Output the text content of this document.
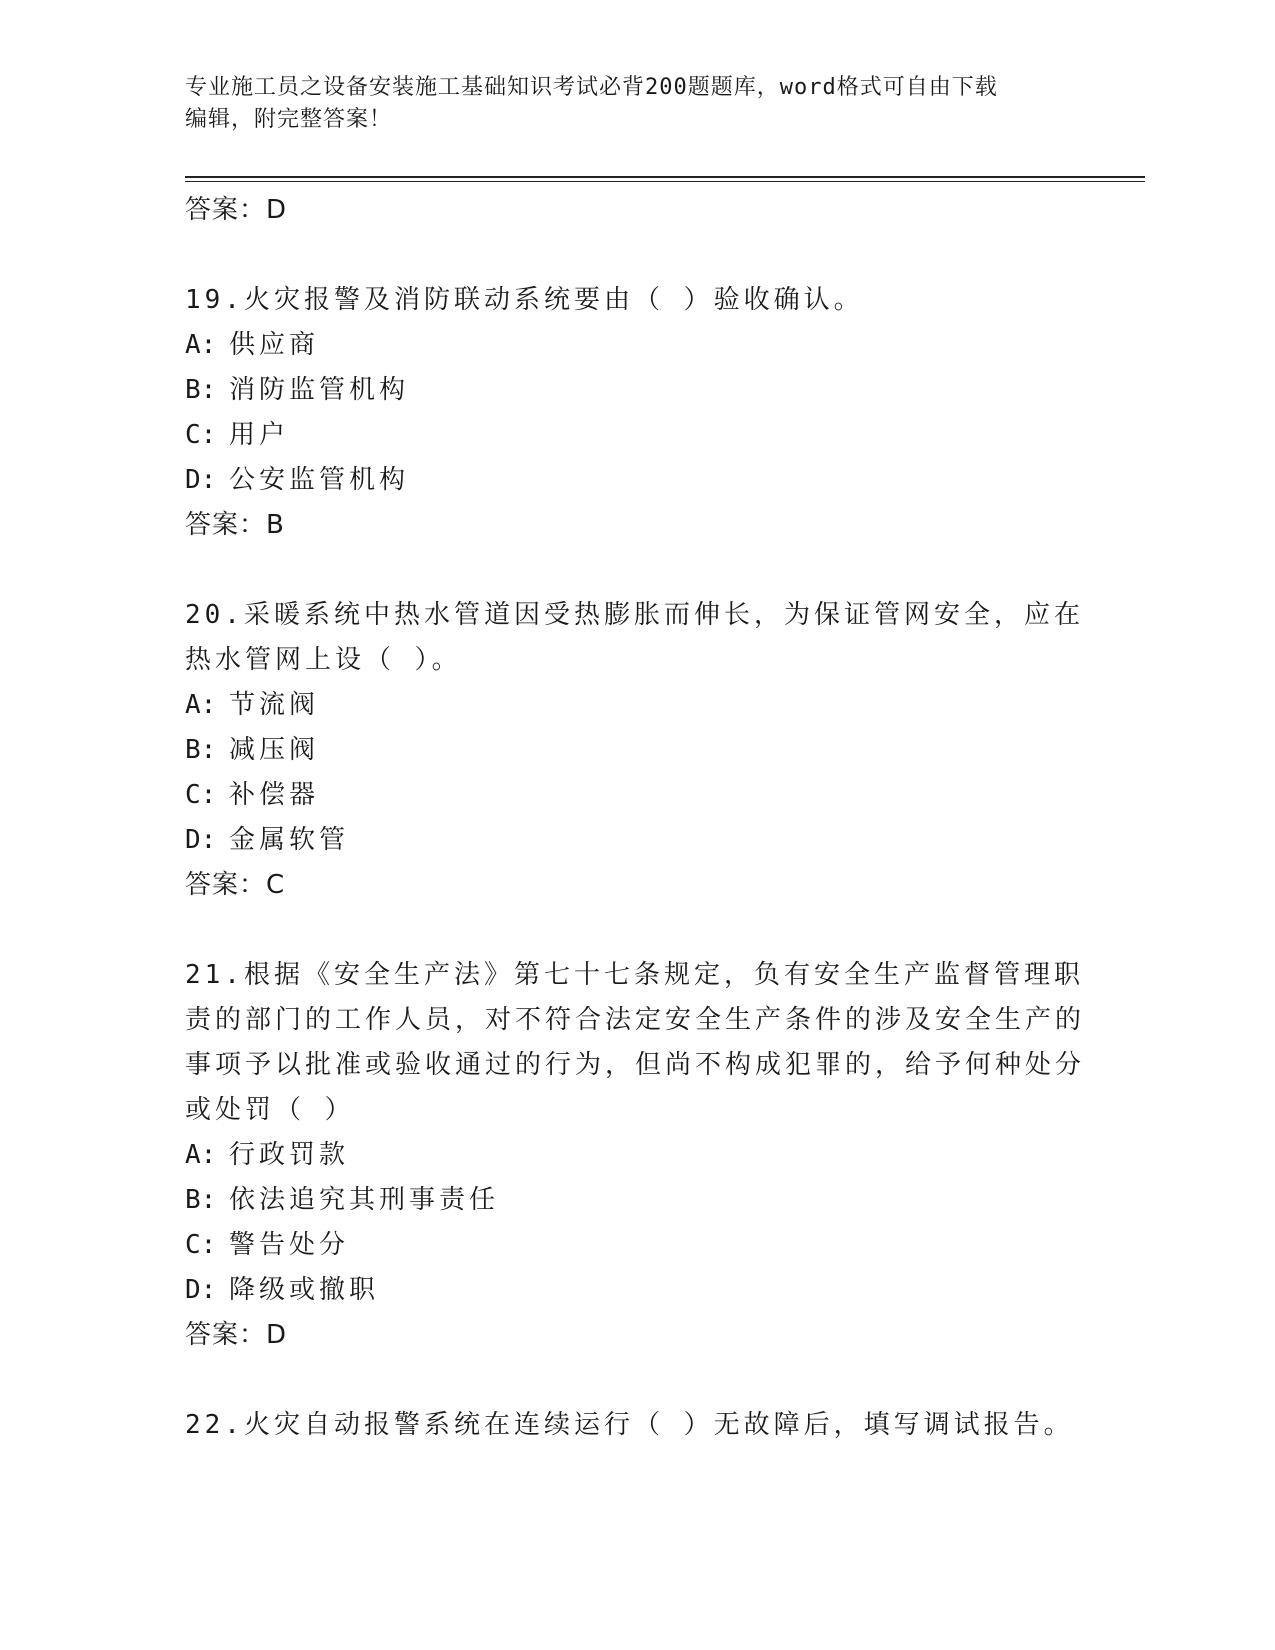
专业施工员之设备安装施工基础知识考试必背200题题库，word格式可自由下载
编辑，附完整答案！

答案：D

19.火灾报警及消防联动系统要由（ ）验收确认。

A: 供应商

B: 消防监管机构

C: 用户

D: 公安监管机构

答案：B

20.采暖系统中热水管道因受热膨胀而伸长，为保证管网安全，应在热水管网上设（ ）。

A: 节流阀

B: 减压阀

C: 补偿器

D: 金属软管

答案：C

21.根据《安全生产法》第七十七条规定，负有安全生产监督管理职责的部门的工作人员，对不符合法定安全生产条件的涉及安全生产的事项予以批准或验收通过的行为，但尚不构成犯罪的，给予何种处分或处罚（ ）

A: 行政罚款

B: 依法追究其刑事责任

C: 警告处分

D: 降级或撤职

答案：D

22.火灾自动报警系统在连续运行（ ）无故障后，填写调试报告。
